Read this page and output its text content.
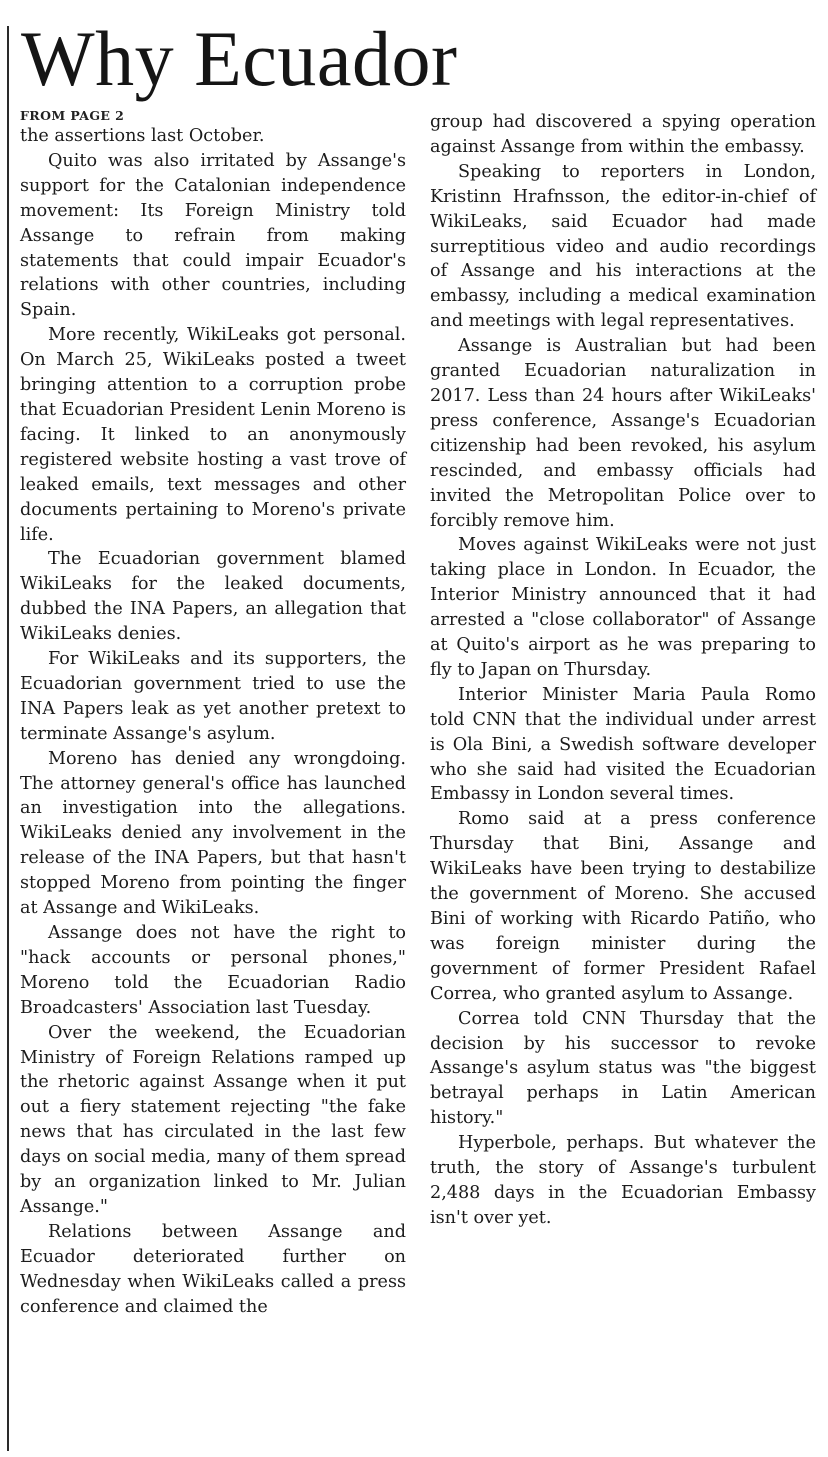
Why Ecuador
FROM PAGE 2

the assertions last October.

Quito was also irritated by Assange's support for the Catalonian independence movement: Its Foreign Ministry told Assange to refrain from making statements that could impair Ecuador's relations with other countries, including Spain.

More recently, WikiLeaks got personal. On March 25, WikiLeaks posted a tweet bringing attention to a corruption probe that Ecuadorian President Lenin Moreno is facing. It linked to an anonymously registered website hosting a vast trove of leaked emails, text messages and other documents pertaining to Moreno's private life.

The Ecuadorian government blamed WikiLeaks for the leaked documents, dubbed the INA Papers, an allegation that WikiLeaks denies.

For WikiLeaks and its supporters, the Ecuadorian government tried to use the INA Papers leak as yet another pretext to terminate Assange's asylum.

Moreno has denied any wrongdoing. The attorney general's office has launched an investigation into the allegations. WikiLeaks denied any involvement in the release of the INA Papers, but that hasn't stopped Moreno from pointing the finger at Assange and WikiLeaks.

Assange does not have the right to "hack accounts or personal phones," Moreno told the Ecuadorian Radio Broadcasters' Association last Tuesday.

Over the weekend, the Ecuadorian Ministry of Foreign Relations ramped up the rhetoric against Assange when it put out a fiery statement rejecting "the fake news that has circulated in the last few days on social media, many of them spread by an organization linked to Mr. Julian Assange."

Relations between Assange and Ecuador deteriorated further on Wednesday when WikiLeaks called a press conference and claimed the

group had discovered a spying operation against Assange from within the embassy.

Speaking to reporters in London, Kristinn Hrafnsson, the editor-in-chief of WikiLeaks, said Ecuador had made surreptitious video and audio recordings of Assange and his interactions at the embassy, including a medical examination and meetings with legal representatives.

Assange is Australian but had been granted Ecuadorian naturalization in 2017. Less than 24 hours after WikiLeaks' press conference, Assange's Ecuadorian citizenship had been revoked, his asylum rescinded, and embassy officials had invited the Metropolitan Police over to forcibly remove him.

Moves against WikiLeaks were not just taking place in London. In Ecuador, the Interior Ministry announced that it had arrested a "close collaborator" of Assange at Quito's airport as he was preparing to fly to Japan on Thursday.

Interior Minister Maria Paula Romo told CNN that the individual under arrest is Ola Bini, a Swedish software developer who she said had visited the Ecuadorian Embassy in London several times.

Romo said at a press conference Thursday that Bini, Assange and WikiLeaks have been trying to destabilize the government of Moreno. She accused Bini of working with Ricardo Patiño, who was foreign minister during the government of former President Rafael Correa, who granted asylum to Assange.

Correa told CNN Thursday that the decision by his successor to revoke Assange's asylum status was "the biggest betrayal perhaps in Latin American history."

Hyperbole, perhaps. But whatever the truth, the story of Assange's turbulent 2,488 days in the Ecuadorian Embassy isn't over yet.
